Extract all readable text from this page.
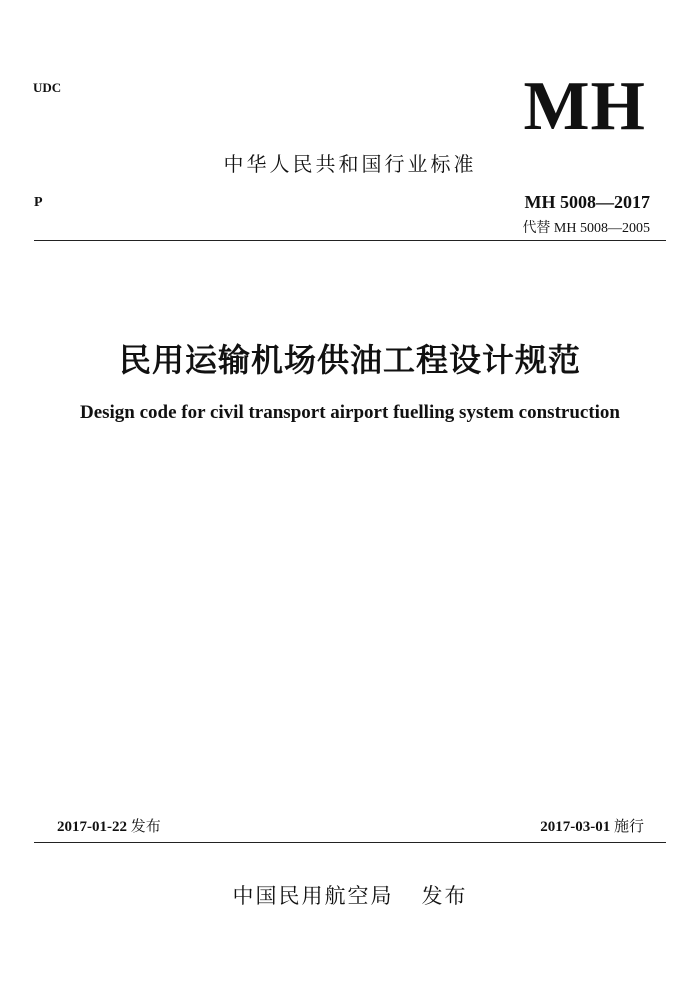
UDC	MH
中华人民共和国行业标准
P	MH 5008—2017
代替 MH 5008—2005
民用运输机场供油工程设计规范
Design code for civil transport airport fuelling system construction
2017-01-22 发布	2017-03-01 施行
中国民用航空局 发布
